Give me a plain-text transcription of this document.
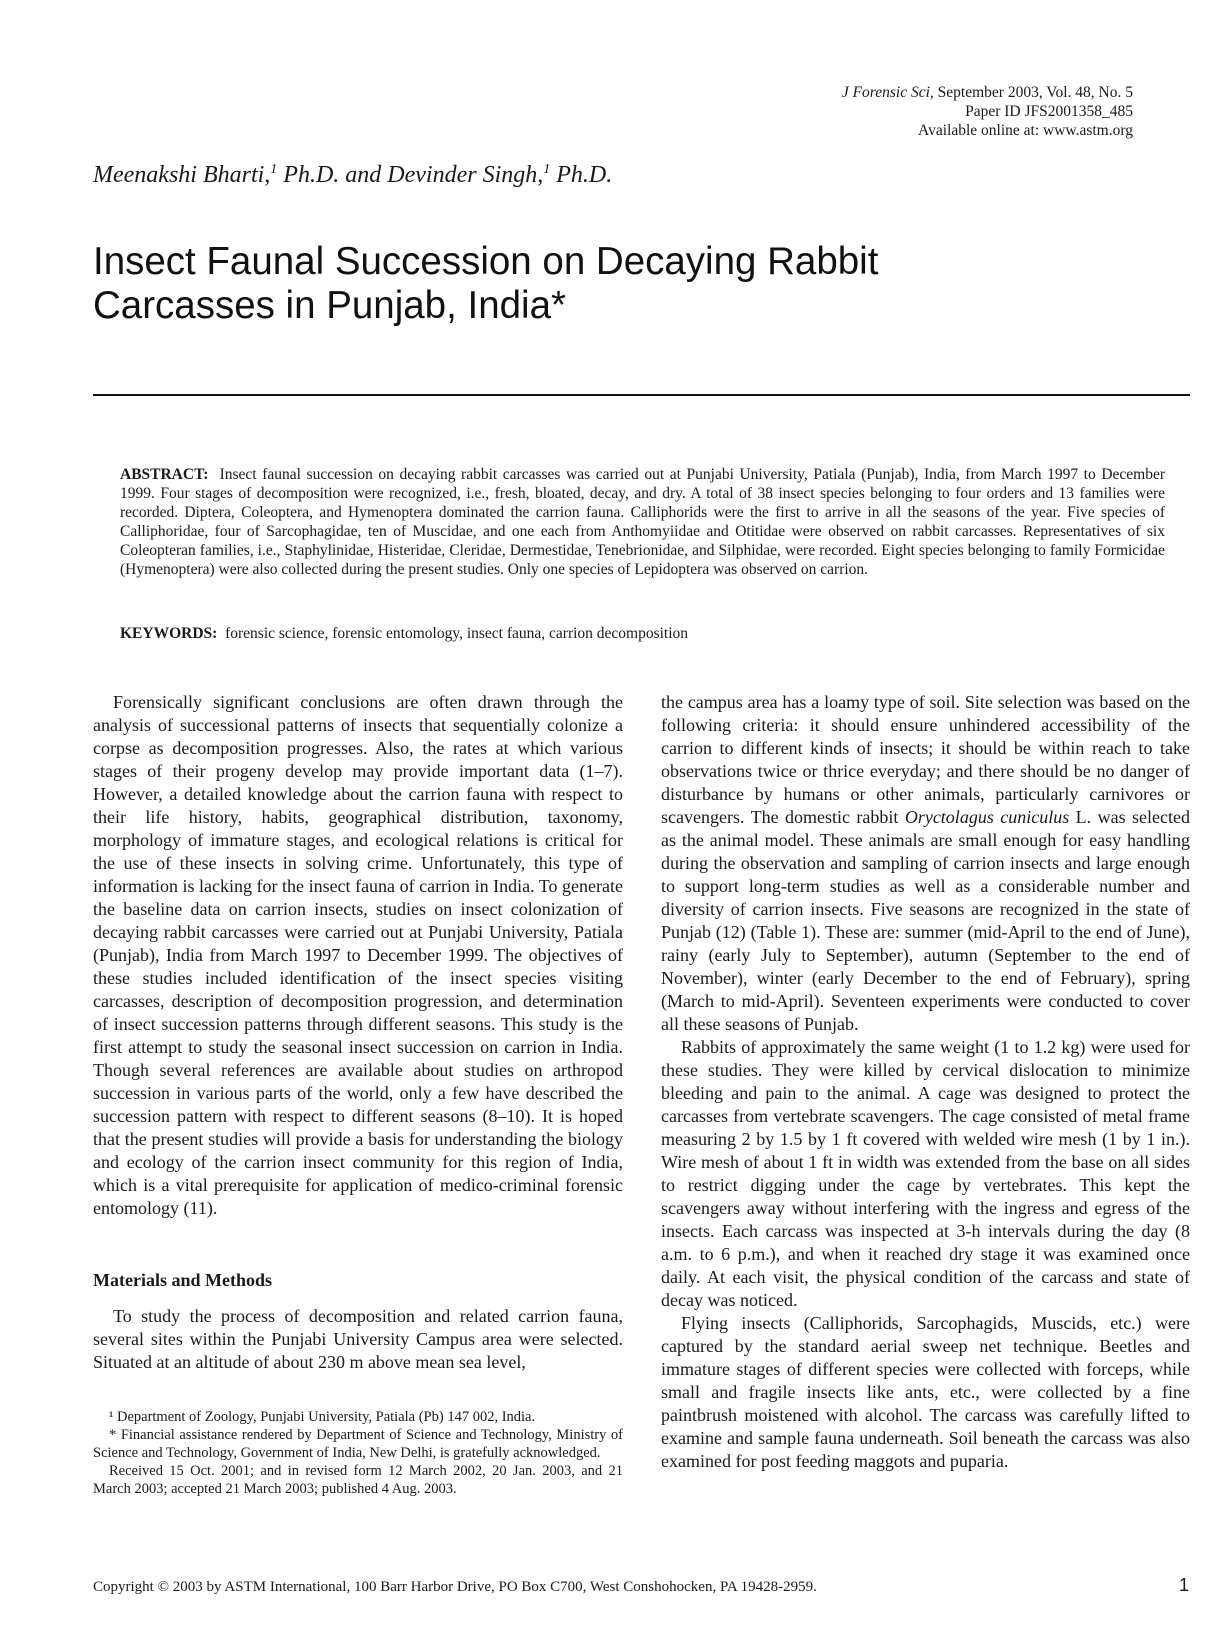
J Forensic Sci, September 2003, Vol. 48, No. 5
Paper ID JFS2001358_485
Available online at: www.astm.org
Meenakshi Bharti,$^1$ Ph.D. and Devinder Singh,$^1$ Ph.D.
Insect Faunal Succession on Decaying Rabbit
Carcasses in Punjab, India*
ABSTRACT: Insect faunal succession on decaying rabbit carcasses was carried out at Punjabi University, Patiala (Punjab), India, from March 1997 to December 1999. Four stages of decomposition were recognized, i.e., fresh, bloated, decay, and dry. A total of 38 insect species belonging to four orders and 13 families were recorded. Diptera, Coleoptera, and Hymenoptera dominated the carrion fauna. Calliphorids were the first to arrive in all the seasons of the year. Five species of Calliphoridae, four of Sarcophagidae, ten of Muscidae, and one each from Anthomyiidae and Otitidae were observed on rabbit carcasses. Representatives of six Coleopteran families, i.e., Staphylinidae, Histeridae, Cleridae, Dermestidae, Tenebrionidae, and Silphidae, were recorded. Eight species belonging to family Formicidae (Hymenoptera) were also collected during the present studies. Only one species of Lepidoptera was observed on carrion.
KEYWORDS: forensic science, forensic entomology, insect fauna, carrion decomposition

Forensically significant conclusions are often drawn through the analysis of successional patterns of insects that sequentially colonize a corpse as decomposition progresses. Also, the rates at which various stages of their progeny develop may provide important data (1–7). However, a detailed knowledge about the carrion fauna with respect to their life history, habits, geographical distribution, taxonomy, morphology of immature stages, and ecological relations is critical for the use of these insects in solving crime. Unfortunately, this type of information is lacking for the insect fauna of carrion in India. To generate the baseline data on carrion insects, studies on insect colonization of decaying rabbit carcasses were carried out at Punjabi University, Patiala (Punjab), India from March 1997 to December 1999. The objectives of these studies included identification of the insect species visiting carcasses, description of decomposition progression, and determination of insect succession patterns through different seasons. This study is the first attempt to study the seasonal insect succession on carrion in India. Though several references are available about studies on arthropod succession in various parts of the world, only a few have described the succession pattern with respect to different seasons (8–10). It is hoped that the present studies will provide a basis for understanding the biology and ecology of the carrion insect community for this region of India, which is a vital prerequisite for application of medico-criminal forensic entomology (11).

Materials and Methods

To study the process of decomposition and related carrion fauna, several sites within the Punjabi University Campus area were selected. Situated at an altitude of about 230 m above mean sea level,

¹ Department of Zoology, Punjabi University, Patiala (Pb) 147 002, India.

* Financial assistance rendered by Department of Science and Technology, Ministry of Science and Technology, Government of India, New Delhi, is gratefully acknowledged.

Received 15 Oct. 2001; and in revised form 12 March 2002, 20 Jan. 2003, and 21 March 2003; accepted 21 March 2003; published 4 Aug. 2003.

the campus area has a loamy type of soil. Site selection was based on the following criteria: it should ensure unhindered accessibility of the carrion to different kinds of insects; it should be within reach to take observations twice or thrice everyday; and there should be no danger of disturbance by humans or other animals, particularly carnivores or scavengers. The domestic rabbit Oryctolagus cuniculus L. was selected as the animal model. These animals are small enough for easy handling during the observation and sampling of carrion insects and large enough to support long-term studies as well as a considerable number and diversity of carrion insects. Five seasons are recognized in the state of Punjab (12) (Table 1). These are: summer (mid-April to the end of June), rainy (early July to September), autumn (September to the end of November), winter (early December to the end of February), spring (March to mid-April). Seventeen experiments were conducted to cover all these seasons of Punjab.

Rabbits of approximately the same weight (1 to 1.2 kg) were used for these studies. They were killed by cervical dislocation to minimize bleeding and pain to the animal. A cage was designed to protect the carcasses from vertebrate scavengers. The cage consisted of metal frame measuring 2 by 1.5 by 1 ft covered with welded wire mesh (1 by 1 in.). Wire mesh of about 1 ft in width was extended from the base on all sides to restrict digging under the cage by vertebrates. This kept the scavengers away without interfering with the ingress and egress of the insects. Each carcass was inspected at 3-h intervals during the day (8 a.m. to 6 p.m.), and when it reached dry stage it was examined once daily. At each visit, the physical condition of the carcass and state of decay was noticed.

Flying insects (Calliphorids, Sarcophagids, Muscids, etc.) were captured by the standard aerial sweep net technique. Beetles and immature stages of different species were collected with forceps, while small and fragile insects like ants, etc., were collected by a fine paintbrush moistened with alcohol. The carcass was carefully lifted to examine and sample fauna underneath. Soil beneath the carcass was also examined for post feeding maggots and puparia.

Copyright © 2003 by ASTM International, 100 Barr Harbor Drive, PO Box C700, West Conshohocken, PA 19428-2959.	1
